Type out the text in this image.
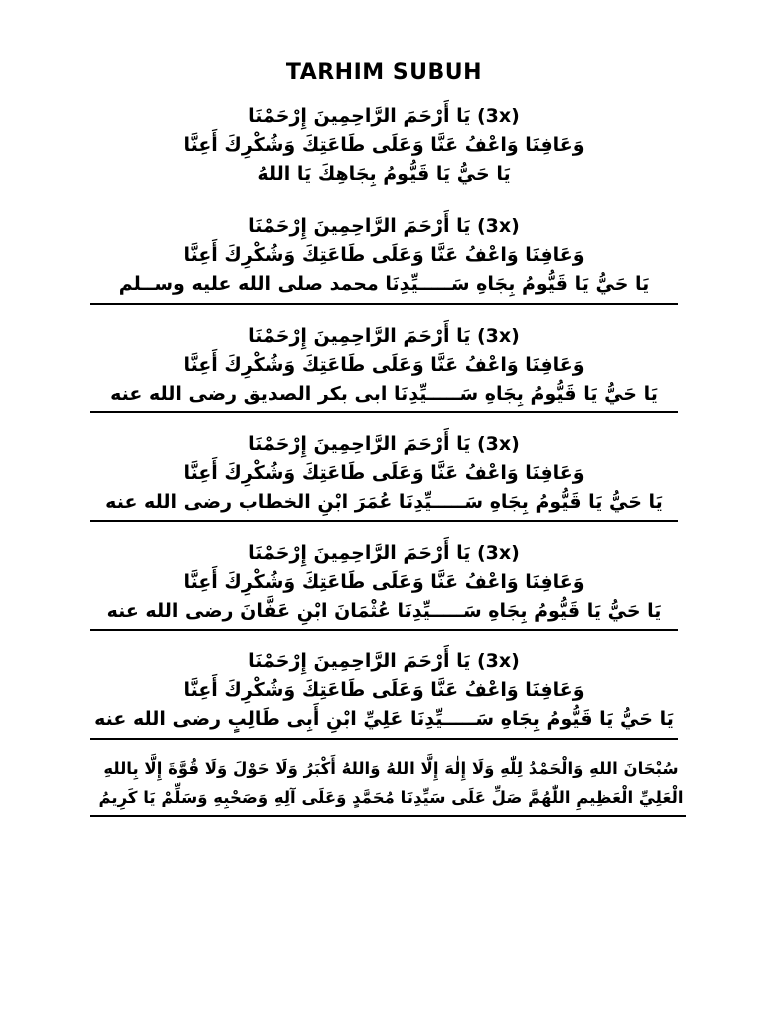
TARHIM SUBUH
(3x) يَا أَرْحَمَ الرَّاحِمِينَ إِرْحَمْنَا
وَعَافِنَا وَاعْفُ عَنَّا وَعَلَى طَاعَتِكَ وَشُكْرِكَ أَعِنَّا
يَا حَيُّ يَا قَيُّومُ بِجَاهِكَ يَا اللهُ
(3x) يَا أَرْحَمَ الرَّاحِمِينَ إِرْحَمْنَا
وَعَافِنَا وَاعْفُ عَنَّا وَعَلَى طَاعَتِكَ وَشُكْرِكَ أَعِنَّا
يَا حَيُّ يَا قَيُّومُ بِجَاهِ سَـــــيِّدِنَا محمد صلى الله عليه وســلم
(3x) يَا أَرْحَمَ الرَّاحِمِينَ إِرْحَمْنَا
وَعَافِنَا وَاعْفُ عَنَّا وَعَلَى طَاعَتِكَ وَشُكْرِكَ أَعِنَّا
يَا حَيُّ يَا قَيُّومُ بِجَاهِ سَـــــيِّدِنَا ابى بكر الصديق رضى الله عنه
(3x) يَا أَرْحَمَ الرَّاحِمِينَ إِرْحَمْنَا
وَعَافِنَا وَاعْفُ عَنَّا وَعَلَى طَاعَتِكَ وَشُكْرِكَ أَعِنَّا
يَا حَيُّ يَا قَيُّومُ بِجَاهِ سَـــــيِّدِنَا عُمَرَ ابْنِ الخطاب رضى الله عنه
(3x) يَا أَرْحَمَ الرَّاحِمِينَ إِرْحَمْنَا
وَعَافِنَا وَاعْفُ عَنَّا وَعَلَى طَاعَتِكَ وَشُكْرِكَ أَعِنَّا
يَا حَيُّ يَا قَيُّومُ بِجَاهِ سَـــــيِّدِنَا عُثْمَانَ ابْنِ عَفَّانَ رضى الله عنه
(3x) يَا أَرْحَمَ الرَّاحِمِينَ إِرْحَمْنَا
وَعَافِنَا وَاعْفُ عَنَّا وَعَلَى طَاعَتِكَ وَشُكْرِكَ أَعِنَّا
يَا حَيُّ يَا قَيُّومُ بِجَاهِ سَـــــيِّدِنَا عَلِيِّ ابْنِ أَبِى طَالِبٍ رضى الله عنه
سُبْحَانَ اللهِ وَالْحَمْدُ لِلّٰهِ وَلَا إِلٰهَ إِلَّا اللهُ وَاللهُ أَكْبَرُ وَلَا حَوْلَ وَلَا قُوَّةَ إِلَّا بِاللهِ
الْعَلِيِّ الْعَظِيمِ اللّٰهُمَّ صَلِّ عَلَى سَيِّدِنَا مُحَمَّدٍ وَعَلَى آلِهِ وَصَحْبِهِ وَسَلِّمْ يَا كَرِيمُ
